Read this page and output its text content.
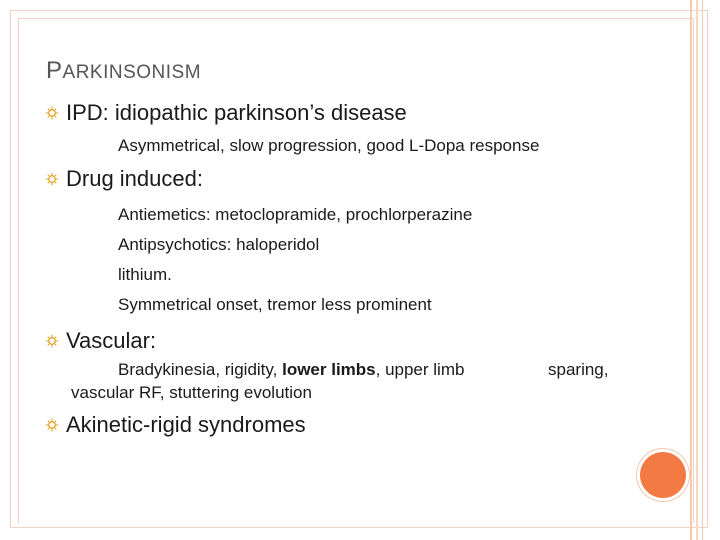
PARKINSONISM
IPD: idiopathic parkinson’s disease
Asymmetrical, slow progression, good L-Dopa response
Drug induced:
Antiemetics: metoclopramide, prochlorperazine
Antipsychotics: haloperidol
lithium.
Symmetrical onset, tremor less prominent
Vascular:
Bradykinesia, rigidity, lower limbs, upper limb	sparing,
vascular RF, stuttering evolution
Akinetic-rigid syndromes
